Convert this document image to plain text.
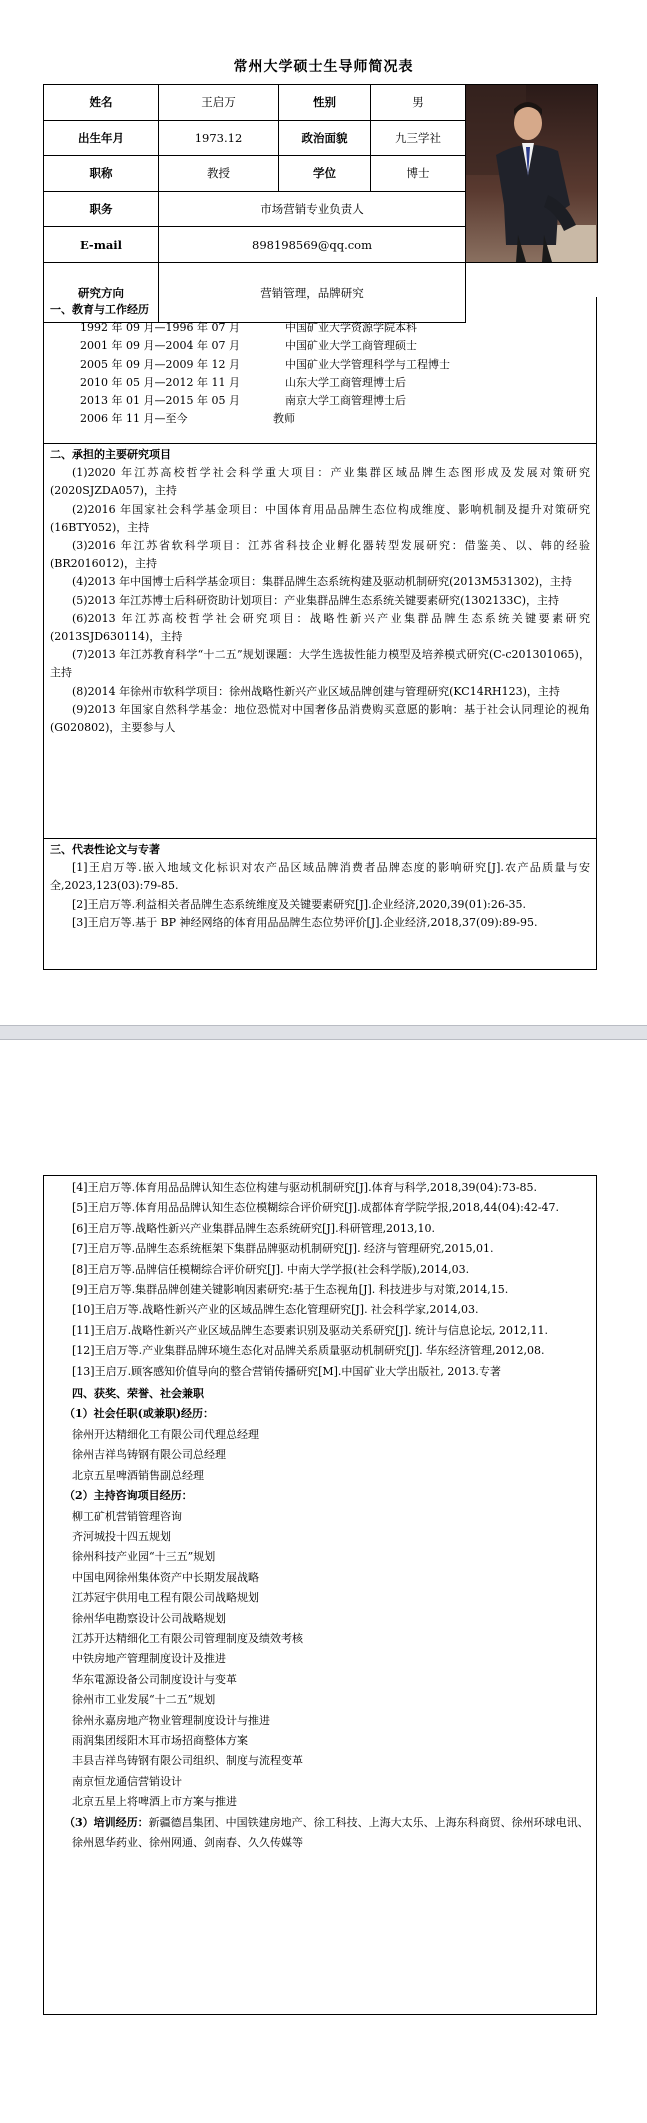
常州大学硕士生导师简况表
姓名	王启万	性别	男	

出生年月	1973.12	政治面貌	九三学社	
职称	教授	学位	博士	
职务	市场营销专业负责人			
E-mail	898198569@qq.com			
研究方向	营销管理，品牌研究			
一、教育与工作经历
1992 年 09 月—1996 年 07 月	中国矿业大学资源学院本科
2001 年 09 月—2004 年 07 月	中国矿业大学工商管理硕士
2005 年 09 月—2009 年 12 月	中国矿业大学管理科学与工程博士
2010 年 05 月—2012 年 11 月	山东大学工商管理博士后
2013 年 01 月—2015 年 05 月	南京大学工商管理博士后
2006 年 11 月—至今	教师
二、承担的主要研究项目
(1)2020 年江苏高校哲学社会科学重大项目：产业集群区域品牌生态图形成及发展对策研究(2020SJZDA057)，主持
(2)2016 年国家社会科学基金项目：中国体育用品品牌生态位构成维度、影响机制及提升对策研究(16BTY052)，主持
(3)2016 年江苏省软科学项目：江苏省科技企业孵化器转型发展研究：借鉴美、以、韩的经验(BR2016012)，主持
(4)2013 年中国博士后科学基金项目：集群品牌生态系统构建及驱动机制研究(2013M531302)，主持
(5)2013 年江苏博士后科研资助计划项目：产业集群品牌生态系统关键要素研究(1302133C)，主持
(6)2013 年江苏高校哲学社会研究项目：战略性新兴产业集群品牌生态系统关键要素研究(2013SJD630114)，主持
(7)2013 年江苏教育科学“十二五”规划课题：大学生选拔性能力模型及培养模式研究(C-c201301065)，主持
(8)2014 年徐州市软科学项目：徐州战略性新兴产业区域品牌创建与管理研究(KC14RH123)，主持
(9)2013 年国家自然科学基金：地位恐慌对中国奢侈品消费购买意愿的影响：基于社会认同理论的视角(G020802)，主要参与人
三、代表性论文与专著
[1]王启万等.嵌入地域文化标识对农产品区域品牌消费者品牌态度的影响研究[J].农产品质量与安全,2023,123(03):79-85.
[2]王启万等.利益相关者品牌生态系统维度及关键要素研究[J].企业经济,2020,39(01):26-35.
[3]王启万等.基于 BP 神经网络的体育用品品牌生态位势评价[J].企业经济,2018,37(09):89-95.
[4]王启万等.体育用品品牌认知生态位构建与驱动机制研究[J].体育与科学,2018,39(04):73-85.
[5]王启万等.体育用品品牌认知生态位模糊综合评价研究[J].成都体育学院学报,2018,44(04):42-47.
[6]王启万等.战略性新兴产业集群品牌生态系统研究[J].科研管理,2013,10.
[7]王启万等.品牌生态系统框架下集群品牌驱动机制研究[J]. 经济与管理研究,2015,01.
[8]王启万等.品牌信任模糊综合评价研究[J]. 中南大学学报(社会科学版),2014,03.
[9]王启万等.集群品牌创建关键影响因素研究:基于生态视角[J]. 科技进步与对策,2014,15.
[10]王启万等.战略性新兴产业的区域品牌生态化管理研究[J]. 社会科学家,2014,03.
[11]王启万.战略性新兴产业区域品牌生态要素识别及驱动关系研究[J]. 统计与信息论坛, 2012,11.
[12]王启万等.产业集群品牌环境生态化对品牌关系质量驱动机制研究[J]. 华东经济管理,2012,08.
[13]王启万.顾客感知价值导向的整合营销传播研究[M].中国矿业大学出版社, 2013.专著
四、获奖、荣誉、社会兼职
（1）社会任职(或兼职)经历：
徐州开达精细化工有限公司代理总经理
徐州吉祥鸟铸钢有限公司总经理
北京五星啤酒销售副总经理
（2）主持咨询项目经历：
柳工矿机营销管理咨询
齐河城投十四五规划
徐州科技产业园“十三五”规划
中国电网徐州集体资产中长期发展战略
江苏冠宇供用电工程有限公司战略规划
徐州华电勘察设计公司战略规划
江苏开达精细化工有限公司管理制度及绩效考核
中铁房地产管理制度设计及推进
华东電源设备公司制度设计与变革
徐州市工业发展“十二五”规划
徐州永嘉房地产物业管理制度设计与推进
雨润集团绥阳木耳市场招商整体方案
丰县吉祥鸟铸钢有限公司组织、制度与流程变革
南京恒龙通信营销设计
北京五星上将啤酒上市方案与推进
（3）培训经历：新疆德昌集团、中国铁建房地产、徐工科技、上海大太乐、上海东科商贸、徐州环球电讯、徐州恩华药业、徐州网通、剑南春、久久传媒等
